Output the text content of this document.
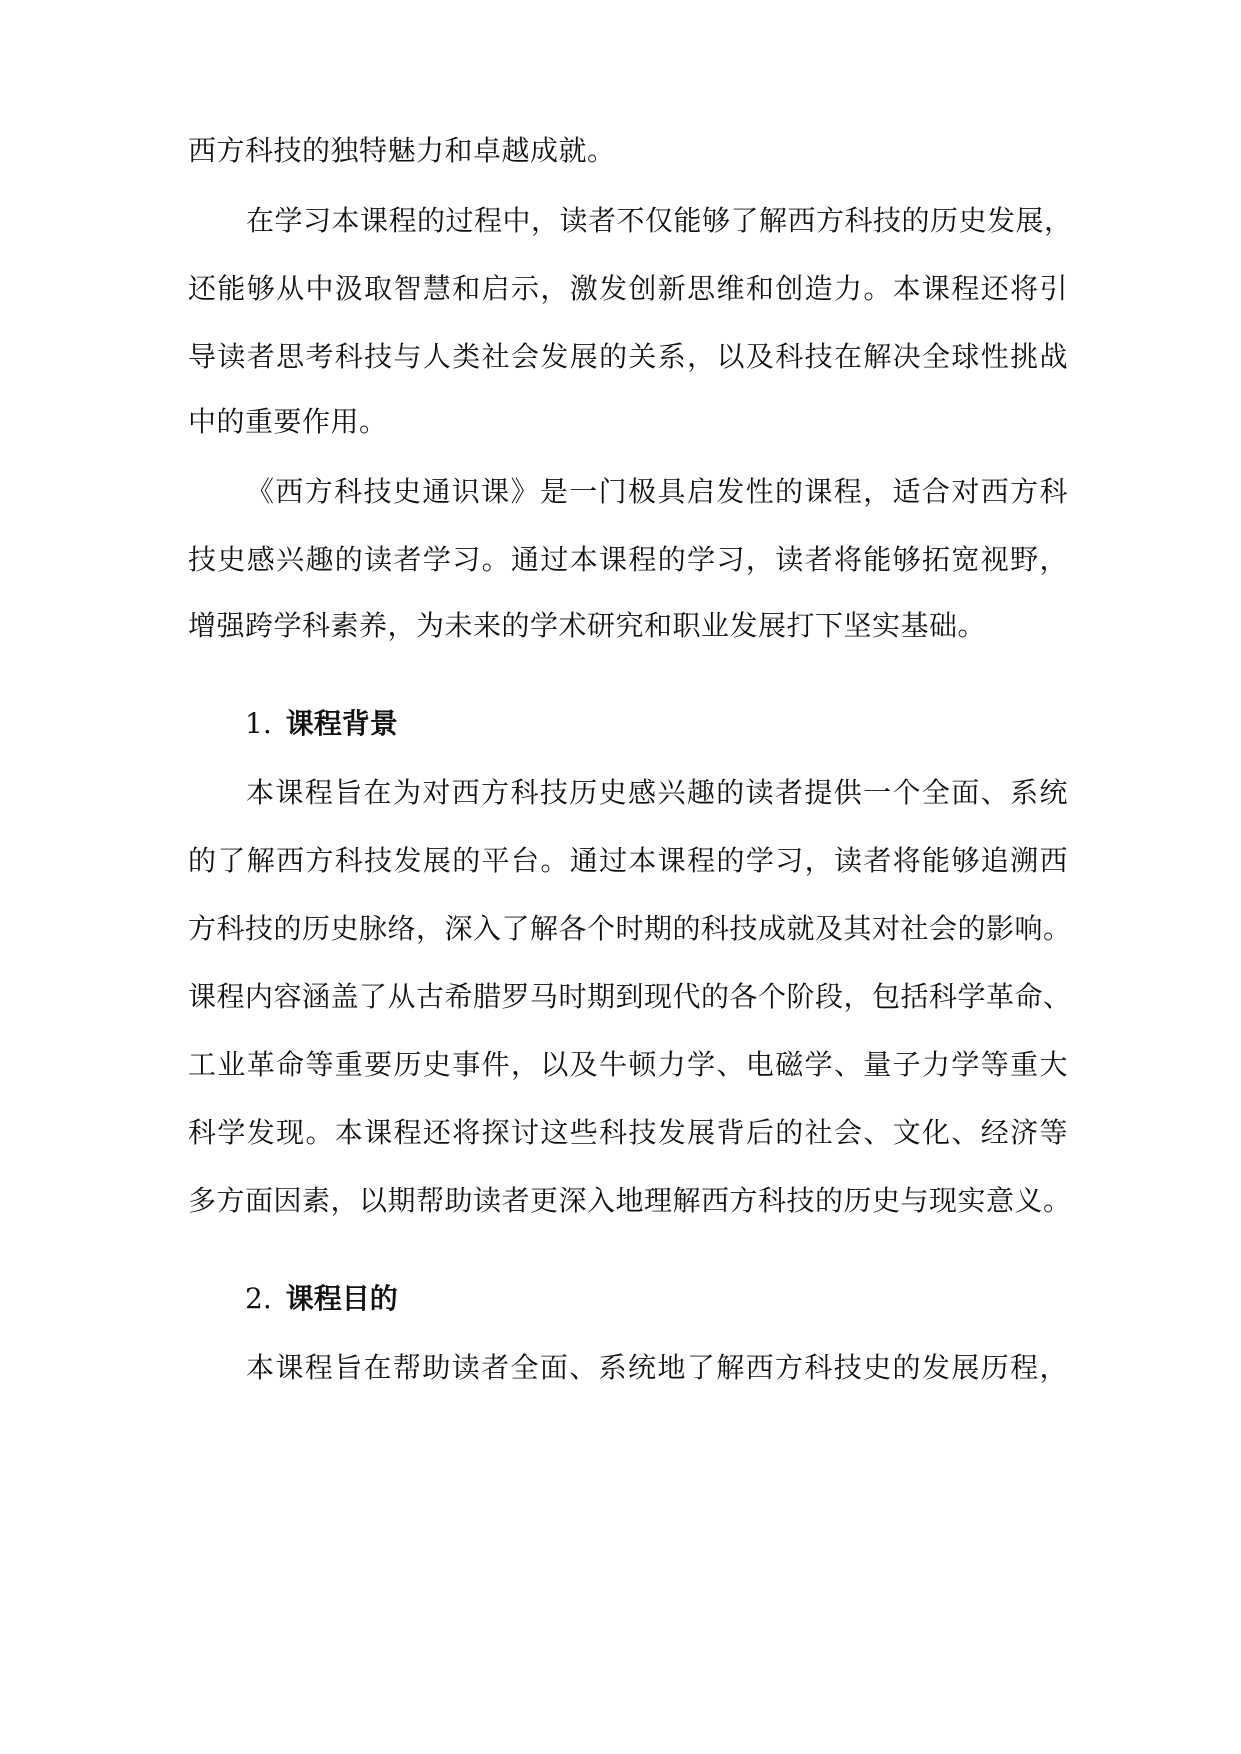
西方科技的独特魅力和卓越成就。
在学习本课程的过程中，读者不仅能够了解西方科技的历史发展，
还能够从中汲取智慧和启示，激发创新思维和创造力。本课程还将引
导读者思考科技与人类社会发展的关系，以及科技在解决全球性挑战
中的重要作用。
《西方科技史通识课》是一门极具启发性的课程，适合对西方科
技史感兴趣的读者学习。通过本课程的学习，读者将能够拓宽视野，
增强跨学科素养，为未来的学术研究和职业发展打下坚实基础。
1. 课程背景
本课程旨在为对西方科技历史感兴趣的读者提供一个全面、系统
的了解西方科技发展的平台。通过本课程的学习，读者将能够追溯西
方科技的历史脉络，深入了解各个时期的科技成就及其对社会的影响。
课程内容涵盖了从古希腊罗马时期到现代的各个阶段，包括科学革命、
工业革命等重要历史事件，以及牛顿力学、电磁学、量子力学等重大
科学发现。本课程还将探讨这些科技发展背后的社会、文化、经济等
多方面因素，以期帮助读者更深入地理解西方科技的历史与现实意义。
2. 课程目的
本课程旨在帮助读者全面、系统地了解西方科技史的发展历程，
